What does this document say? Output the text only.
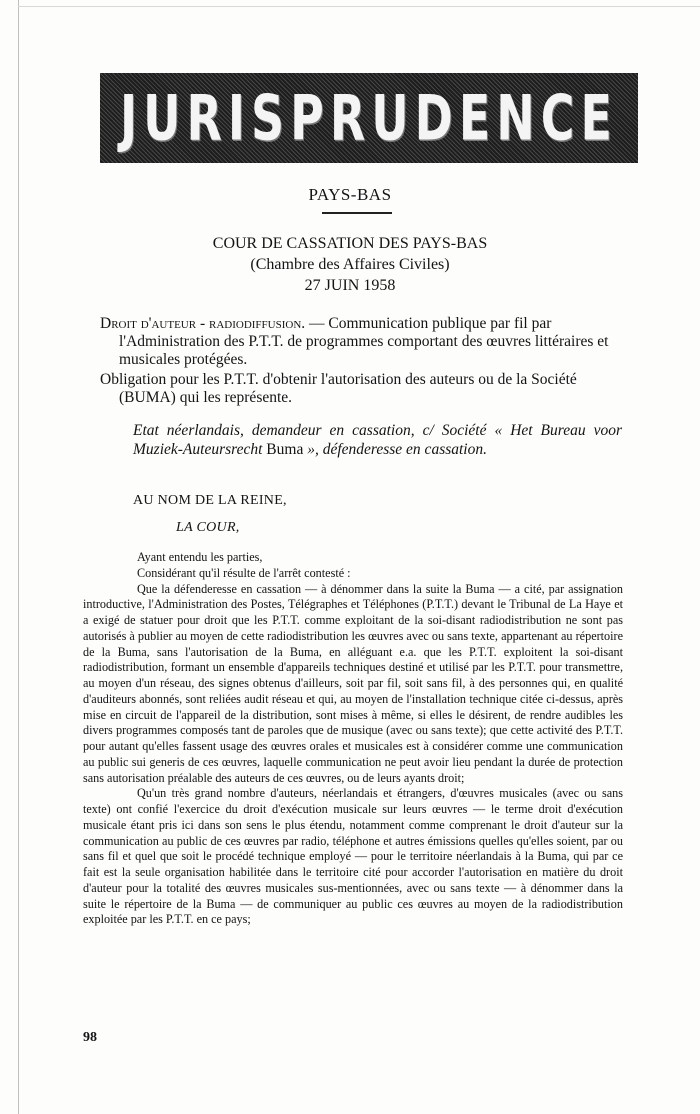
JURISPRUDENCE
PAYS-BAS
COUR DE CASSATION DES PAYS-BAS
(Chambre des Affaires Civiles)
27 JUIN 1958

Droit d'auteur - radiodiffusion. — Communication publique par fil par l'Administration des P.T.T. de programmes comportant des œuvres littéraires et musicales protégées.

Obligation pour les P.T.T. d'obtenir l'autorisation des auteurs ou de la Société (BUMA) qui les représente.

Etat néerlandais, demandeur en cassation, c/ Société « Het Bureau voor Muziek-Auteursrecht Buma », défenderesse en cassation.
AU NOM DE LA REINE,
LA COUR,

Ayant entendu les parties,

Considérant qu'il résulte de l'arrêt contesté :

Que la défenderesse en cassation — à dénommer dans la suite la Buma — a cité, par assignation introductive, l'Administration des Postes, Télégraphes et Téléphones (P.T.T.) devant le Tribunal de La Haye et a exigé de statuer pour droit que les P.T.T. comme exploitant de la soi-disant radiodistribution ne sont pas autorisés à publier au moyen de cette radiodistribution les œuvres avec ou sans texte, appartenant au répertoire de la Buma, sans l'autorisation de la Buma, en alléguant e.a. que les P.T.T. exploitent la soi-disant radiodistribution, formant un ensemble d'appareils techniques destiné et utilisé par les P.T.T. pour transmettre, au moyen d'un réseau, des signes obtenus d'ailleurs, soit par fil, soit sans fil, à des personnes qui, en qualité d'auditeurs abonnés, sont reliées audit réseau et qui, au moyen de l'installation technique citée ci-dessus, après mise en circuit de l'appareil de la distribution, sont mises à même, si elles le désirent, de rendre audibles les divers programmes composés tant de paroles que de musique (avec ou sans texte); que cette activité des P.T.T. pour autant qu'elles fassent usage des œuvres orales et musicales est à considérer comme une communication au public sui generis de ces œuvres, laquelle communication ne peut avoir lieu pendant la durée de protection sans autorisation préalable des auteurs de ces œuvres, ou de leurs ayants droit;

Qu'un très grand nombre d'auteurs, néerlandais et étrangers, d'œuvres musicales (avec ou sans texte) ont confié l'exercice du droit d'exécution musicale sur leurs œuvres — le terme droit d'exécution musicale étant pris ici dans son sens le plus étendu, notamment comme comprenant le droit d'auteur sur la communication au public de ces œuvres par radio, téléphone et autres émissions quelles qu'elles soient, par ou sans fil et quel que soit le procédé technique employé — pour le territoire néerlandais à la Buma, qui par ce fait est la seule organisation habilitée dans le territoire cité pour accorder l'autorisation en matière du droit d'auteur pour la totalité des œuvres musicales sus-mentionnées, avec ou sans texte — à dénommer dans la suite le répertoire de la Buma — de communiquer au public ces œuvres au moyen de la radiodistribution exploitée par les P.T.T. en ce pays;

98
